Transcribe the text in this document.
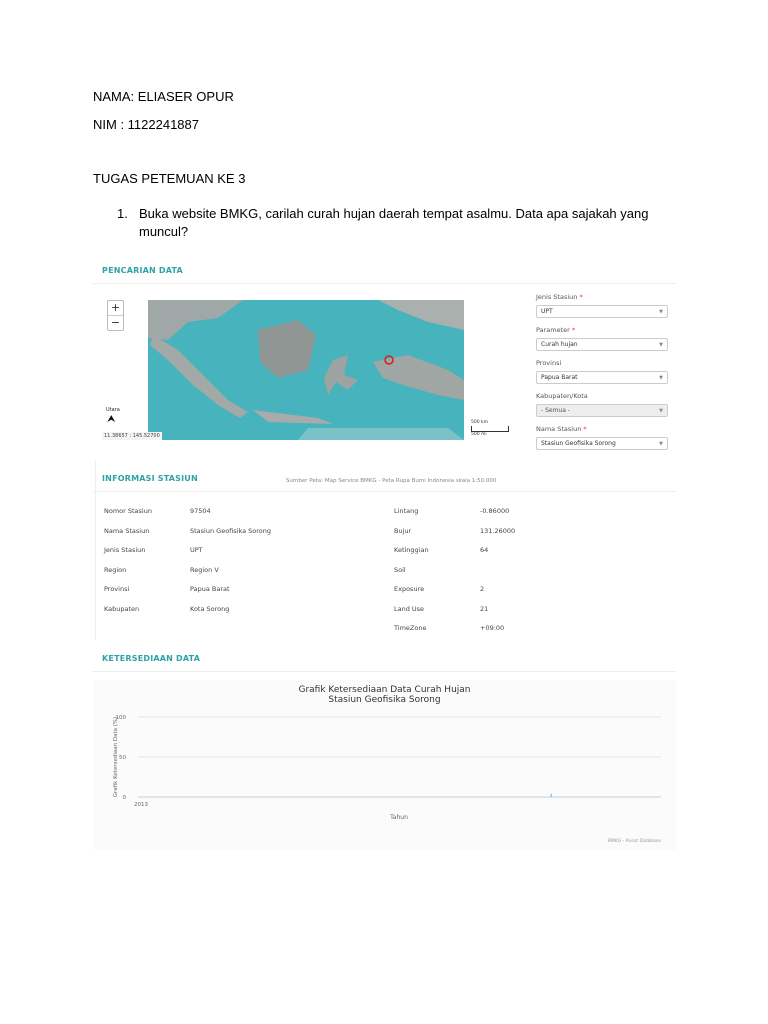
NAMA: ELIASER OPUR
NIM : 1122241887
TUGAS PETEMUAN KE 3
1. Buka website BMKG, carilah curah hujan daerah tempat asalmu. Data apa sajakah yang muncul?
PENCARIAN DATA
+
−
Utara
⮝
11.38657 : 145.52700
500 km
500 mi
Sumber Peta: Map Service BMKG - Peta Rupa Bumi Indonesia skala 1:50.000
Jenis Stasiun *
UPT	▼
Parameter *
Curah hujan	▼
Provinsi
Papua Barat	▼
Kabupaten/Kota
- Semua -	▼
Nama Stasiun *
Stasiun Geofisika Sorong	▼
INFORMASI STASIUN
Nomor Stasiun	97504
Nama Stasiun	Stasiun Geofisika Sorong
Jenis Stasiun	UPT
Region	Region V
Provinsi	Papua Barat
Kabupaten	Kota Sorong
Lintang	-0.86000
Bujur	131.26000
Ketinggian	64
Soil
Exposure	2
Land Use	21
TimeZone	+09:00
KETERSEDIAAN DATA
Grafik Ketersediaan Data Curah Hujan
Stasiun Geofisika Sorong
0
50
100
2013
Tahun
Grafik Ketersediaan Data (%)
BMKG - Pusat Database
